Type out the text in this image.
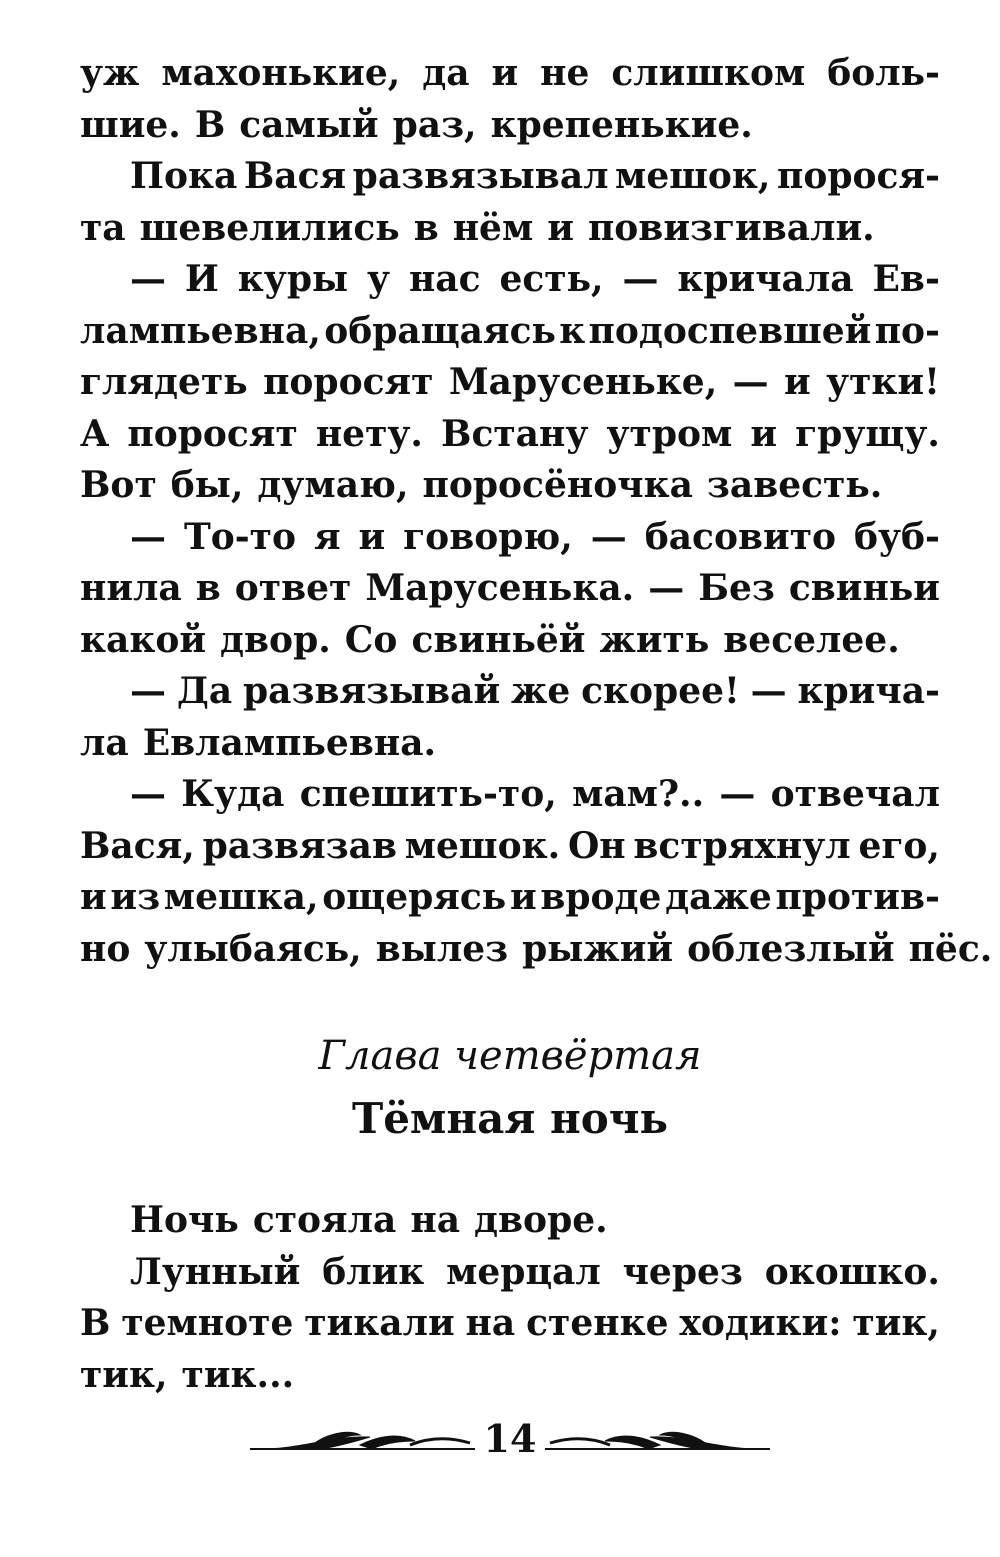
уж махонькие, да и не слишком боль-
шие. В самый раз, крепенькие.
Пока Вася развязывал мешок, порося-
та шевелились в нём и повизгивали.
— И куры у нас есть, — кричала Ев-
лампьевна, обращаясь к подоспевшей по-
глядеть поросят Марусеньке, — и утки!
А поросят нету. Встану утром и грущу.
Вот бы, думаю, поросёночка завесть.
— То-то я и говорю, — басовито буб-
нила в ответ Марусенька. — Без свиньи
какой двор. Со свиньёй жить веселее.
— Да развязывай же скорее! — крича-
ла Евлампьевна.
— Куда спешить-то, мам?.. — отвечал
Вася, развязав мешок. Он встряхнул его,
и из мешка, ощерясь и вроде даже против-
но улыбаясь, вылез рыжий облезлый пёс.
Глава четвёртая
Тёмная ночь
Ночь стояла на дворе.
Лунный блик мерцал через окошко.
В темноте тикали на стенке ходики: тик,
тик, тик...
14
